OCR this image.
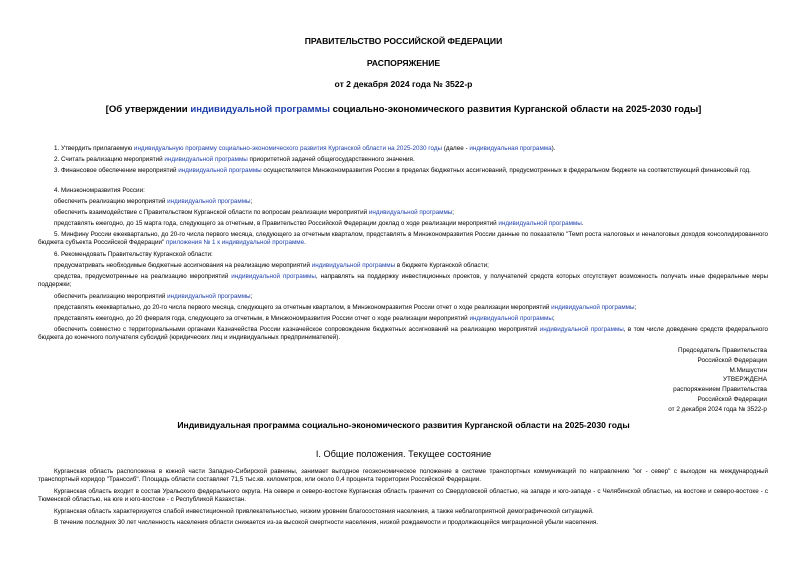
ПРАВИТЕЛЬСТВО РОССИЙСКОЙ ФЕДЕРАЦИИ
РАСПОРЯЖЕНИЕ
от 2 декабря 2024 года № 3522-р
[Об утверждении индивидуальной программы социально-экономического развития Курганской области на 2025-2030 годы]
1. Утвердить прилагаемую индивидуальную программу социально-экономического развития Курганской области на 2025-2030 годы (далее - индивидуальная программа).
2. Считать реализацию мероприятий индивидуальной программы приоритетной задачей общегосударственного значения.
3. Финансовое обеспечение мероприятий индивидуальной программы осуществляется Минэкономразвития России в пределах бюджетных ассигнований, предусмотренных в федеральном бюджете на соответствующий финансовый год.
4. Минэкономразвития России:
обеспечить реализацию мероприятий индивидуальной программы;
обеспечить взаимодействие с Правительством Курганской области по вопросам реализации мероприятий индивидуальной программы;
представлять ежегодно, до 15 марта года, следующего за отчетным, в Правительство Российской Федерации доклад о ходе реализации мероприятий индивидуальной программы.
5. Минфину России ежеквартально, до 20-го числа первого месяца, следующего за отчетным кварталом, представлять в Минэкономразвития России данные по показателю "Темп роста налоговых и неналоговых доходов консолидированного бюджета субъекта Российской Федерации" приложения № 1 к индивидуальной программе.
6. Рекомендовать Правительству Курганской области:
предусматривать необходимые бюджетные ассигнования на реализацию мероприятий индивидуальной программы в бюджете Курганской области;
средства, предусмотренные на реализацию мероприятий индивидуальной программы, направлять на поддержку инвестиционных проектов, у получателей средств которых отсутствует возможность получать иные федеральные меры поддержки;
обеспечить реализацию мероприятий индивидуальной программы;
представлять ежеквартально, до 20-го числа первого месяца, следующего за отчетным кварталом, в Минэкономразвития России отчет о ходе реализации мероприятий индивидуальной программы;
представлять ежегодно, до 20 февраля года, следующего за отчетным, в Минэкономразвития России отчет о ходе реализации мероприятий индивидуальной программы;
обеспечить совместно с территориальными органами Казначейства России казначейское сопровождение бюджетных ассигнований на реализацию мероприятий индивидуальной программы, в том числе доведение средств федерального бюджета до конечного получателя субсидий (юридических лиц и индивидуальных предпринимателей).
Председатель Правительства
Российской Федерации
М.Мишустин
УТВЕРЖДЕНА
распоряжением Правительства
Российской Федерации
от 2 декабря 2024 года № 3522-р
Индивидуальная программа социально-экономического развития Курганской области на 2025-2030 годы
I. Общие положения. Текущее состояние
Курганская область расположена в южной части Западно-Сибирской равнины, занимает выгодное геоэкономическое положение в системе транспортных коммуникаций по направлению "юг - север" с выходом на международный транспортный коридор "Транссиб". Площадь области составляет 71,5 тыс.кв. километров, или около 0,4 процента территории Российской Федерации.
Курганская область входит в состав Уральского федерального округа. На севере и северо-востоке Курганская область граничит со Свердловской областью, на западе и юго-западе - с Челябинской областью, на востоке и северо-востоке - с Тюменской областью, на юге и юго-востоке - с Республикой Казахстан.
Курганская область характеризуется слабой инвестиционной привлекательностью, низким уровнем благосостояния населения, а также неблагоприятной демографической ситуацией.
В течение последних 30 лет численность населения области снижается из-за высокой смертности населения, низкой рождаемости и продолжающейся миграционной убыли населения.
